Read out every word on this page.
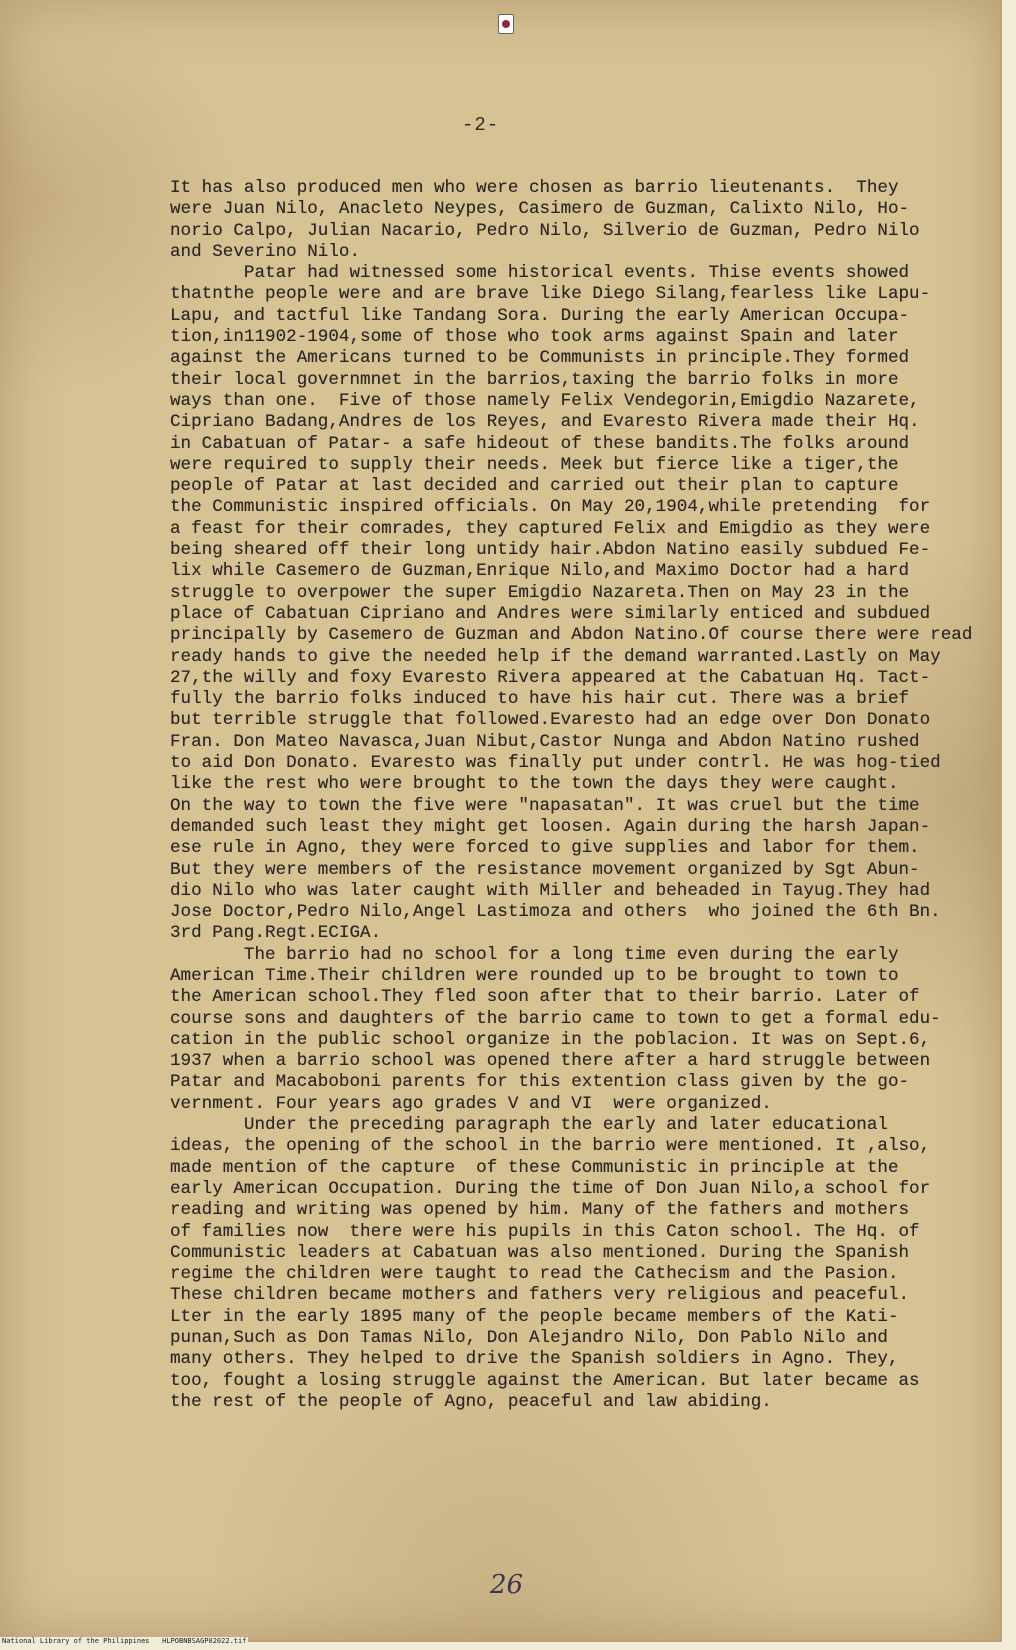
-2-
It has also produced men who were chosen as barrio lieutenants.  They
were Juan Nilo, Anacleto Neypes, Casimero de Guzman, Calixto Nilo, Ho-
norio Calpo, Julian Nacario, Pedro Nilo, Silverio de Guzman, Pedro Nilo
and Severino Nilo.
Patar had witnessed some historical events. Thise events showed
thatnthe people were and are brave like Diego Silang,fearless like Lapu-
Lapu, and tactful like Tandang Sora. During the early American Occupa-
tion,in11902-1904,some of those who took arms against Spain and later
against the Americans turned to be Communists in principle.They formed
their local governmnet in the barrios,taxing the barrio folks in more
ways than one.  Five of those namely Felix Vendegorin,Emigdio Nazarete,
Cipriano Badang,Andres de los Reyes, and Evaresto Rivera made their Hq.
in Cabatuan of Patar- a safe hideout of these bandits.The folks around
were required to supply their needs. Meek but fierce like a tiger,the
people of Patar at last decided and carried out their plan to capture
the Communistic inspired officials. On May 20,1904,while pretending  for
a feast for their comrades, they captured Felix and Emigdio as they were
being sheared off their long untidy hair.Abdon Natino easily subdued Fe-
lix while Casemero de Guzman,Enrique Nilo,and Maximo Doctor had a hard
struggle to overpower the super Emigdio Nazareta.Then on May 23 in the
place of Cabatuan Cipriano and Andres were similarly enticed and subdued
principally by Casemero de Guzman and Abdon Natino.Of course there were read
ready hands to give the needed help if the demand warranted.Lastly on May
27,the willy and foxy Evaresto Rivera appeared at the Cabatuan Hq. Tact-
fully the barrio folks induced to have his hair cut. There was a brief
but terrible struggle that followed.Evaresto had an edge over Don Donato
Fran. Don Mateo Navasca,Juan Nibut,Castor Nunga and Abdon Natino rushed
to aid Don Donato. Evaresto was finally put under contrl. He was hog-tied
like the rest who were brought to the town the days they were caught.
On the way to town the five were "napasatan". It was cruel but the time
demanded such least they might get loosen. Again during the harsh Japan-
ese rule in Agno, they were forced to give supplies and labor for them.
But they were members of the resistance movement organized by Sgt Abun-
dio Nilo who was later caught with Miller and beheaded in Tayug.They had
Jose Doctor,Pedro Nilo,Angel Lastimoza and others  who joined the 6th Bn.
3rd Pang.Regt.ECIGA.
The barrio had no school for a long time even during the early
American Time.Their children were rounded up to be brought to town to
the American school.They fled soon after that to their barrio. Later of
course sons and daughters of the barrio came to town to get a formal edu-
cation in the public school organize in the poblacion. It was on Sept.6,
1937 when a barrio school was opened there after a hard struggle between
Patar and Macaboboni parents for this extention class given by the go-
vernment. Four years ago grades V and VI  were organized.
Under the preceding paragraph the early and later educational
ideas, the opening of the school in the barrio were mentioned. It ,also,
made mention of the capture  of these Communistic in principle at the
early American Occupation. During the time of Don Juan Nilo,a school for
reading and writing was opened by him. Many of the fathers and mothers
of families now  there were his pupils in this Caton school. The Hq. of
Communistic leaders at Cabatuan was also mentioned. During the Spanish
regime the children were taught to read the Cathecism and the Pasion.
These children became mothers and fathers very religious and peaceful.
Lter in the early 1895 many of the people became members of the Kati-
punan,Such as Don Tamas Nilo, Don Alejandro Nilo, Don Pablo Nilo and
many others. They helped to drive the Spanish soldiers in Agno. They,
too, fought a losing struggle against the American. But later became as
the rest of the people of Agno, peaceful and law abiding.
26
National Library of the Philippines   HLPOBNBSAGP02022.tif
